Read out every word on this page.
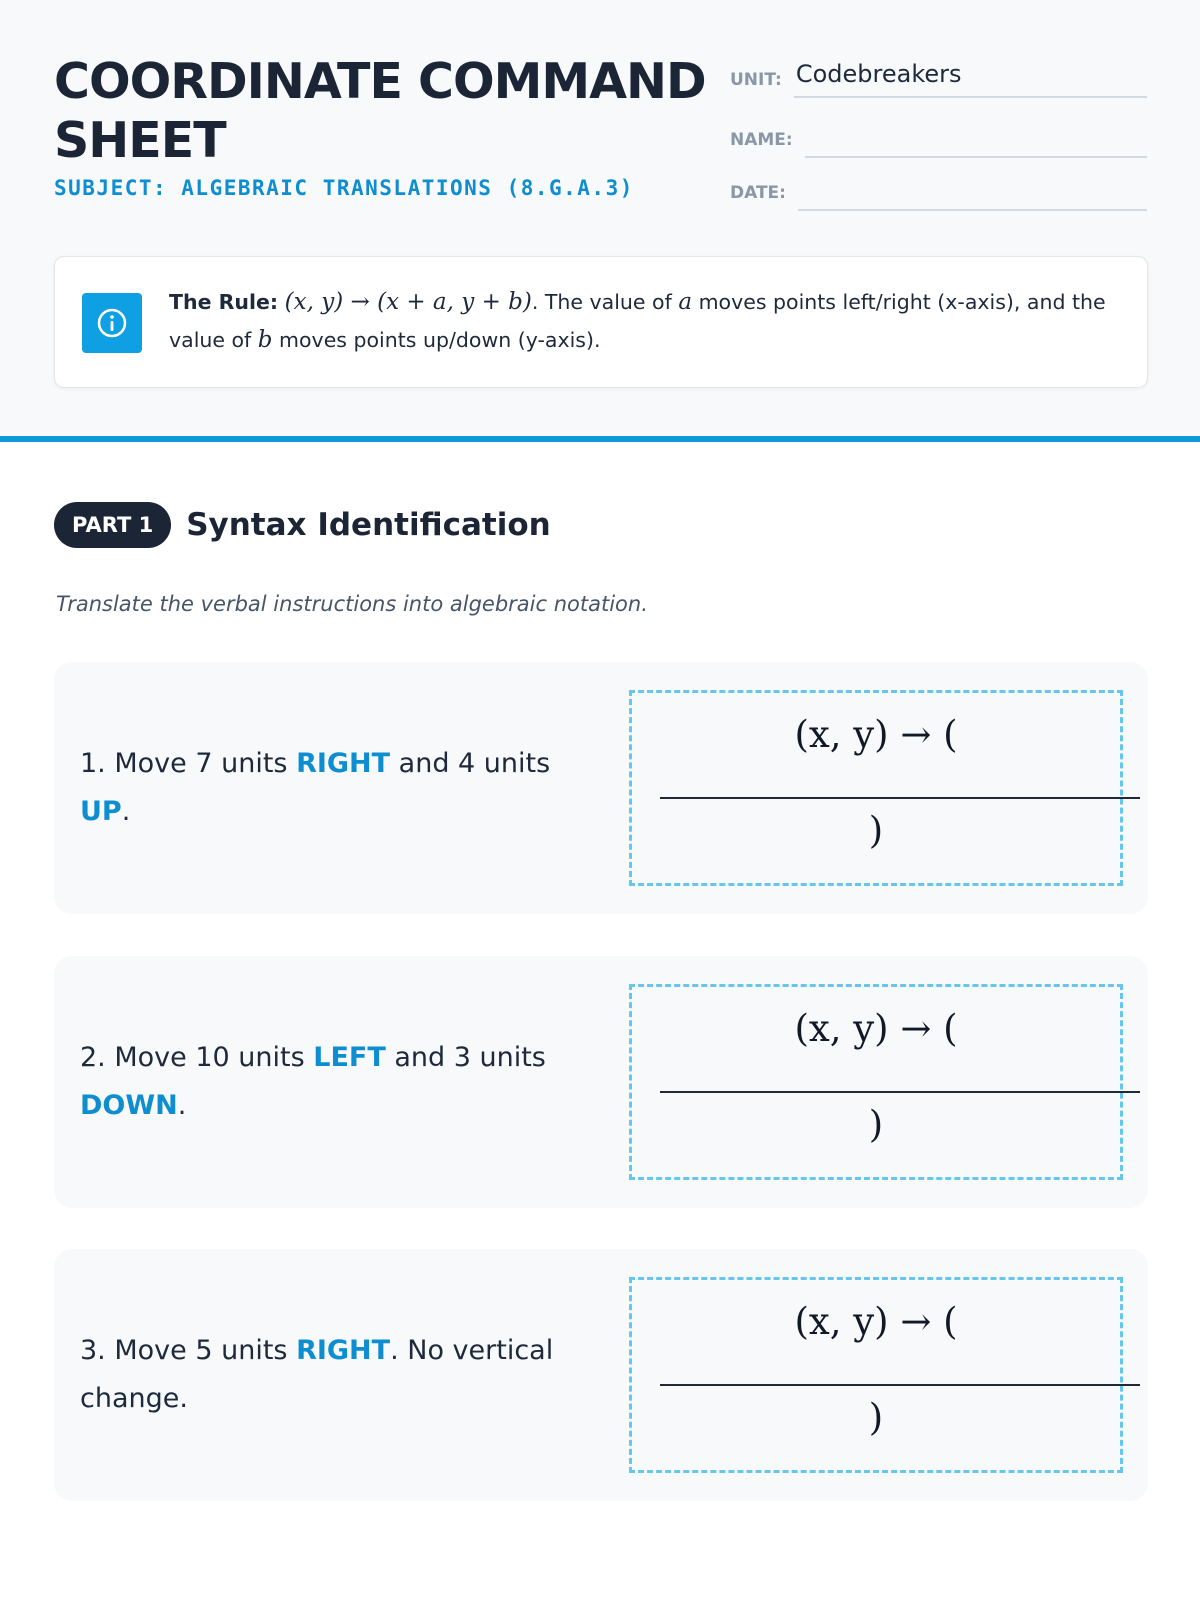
COORDINATE COMMAND SHEET
SUBJECT: ALGEBRAIC TRANSLATIONS (8.G.A.3)
UNIT: Codebreakers
NAME:
DATE:
The Rule: (x, y) → (x + a, y + b). The value of a moves points left/right (x-axis), and the value of b moves points up/down (y-axis).
PART 1	Syntax Identification
Translate the verbal instructions into algebraic notation.
1. Move 7 units RIGHT and 4 units UP.
(x, y) → (
)
2. Move 10 units LEFT and 3 units DOWN.
(x, y) → (
)
3. Move 5 units RIGHT. No vertical change.
(x, y) → (
)
